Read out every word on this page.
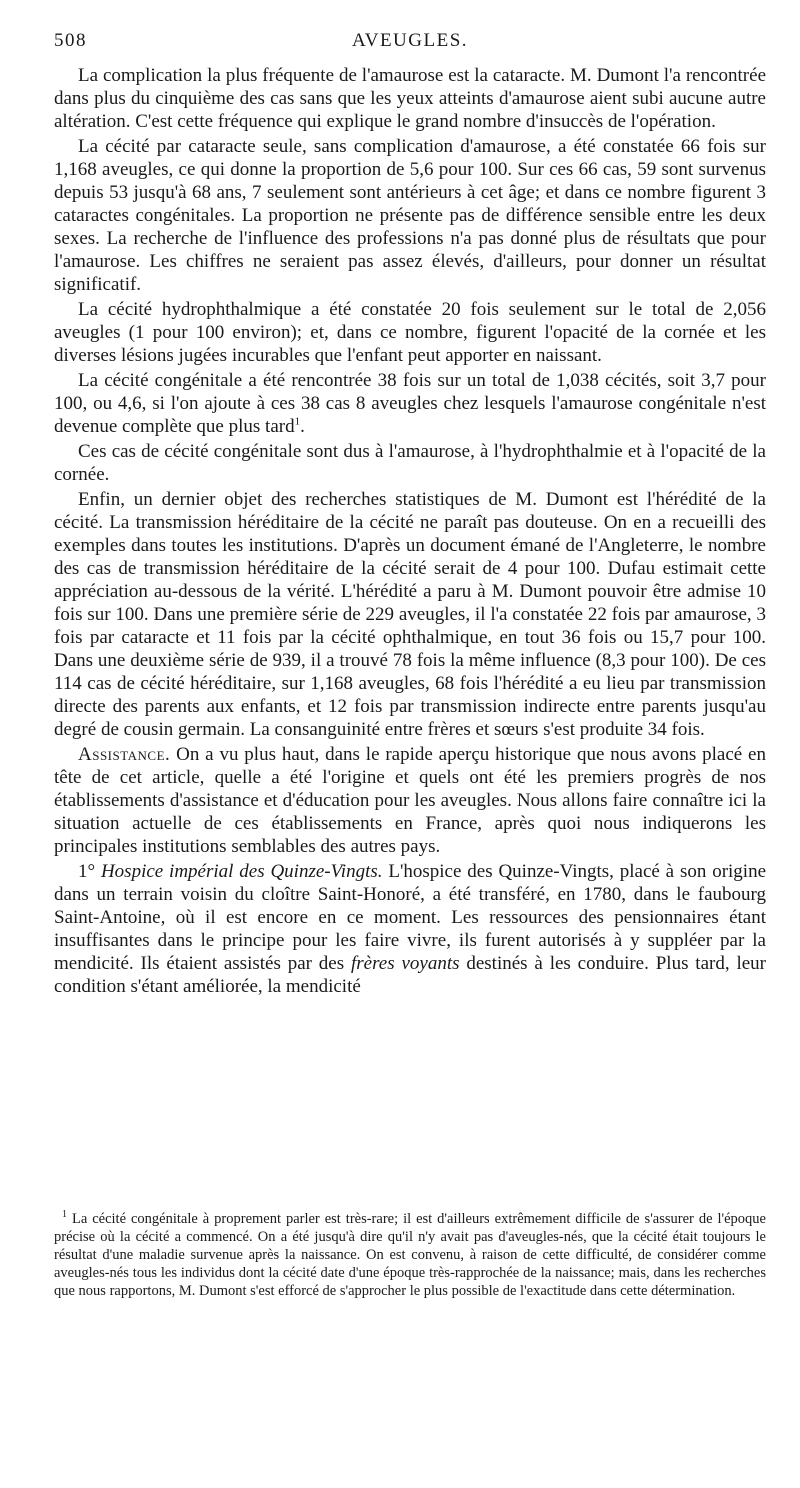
508	AVEUGLES.

La complication la plus fréquente de l'amaurose est la cataracte. M. Dumont l'a rencontrée dans plus du cinquième des cas sans que les yeux atteints d'amaurose aient subi aucune autre altération. C'est cette fréquence qui explique le grand nombre d'insuccès de l'opération.

La cécité par cataracte seule, sans complication d'amaurose, a été constatée 66 fois sur 1,168 aveugles, ce qui donne la proportion de 5,6 pour 100. Sur ces 66 cas, 59 sont survenus depuis 53 jusqu'à 68 ans, 7 seulement sont antérieurs à cet âge; et dans ce nombre figurent 3 cataractes congénitales. La proportion ne présente pas de différence sensible entre les deux sexes. La recherche de l'influence des professions n'a pas donné plus de résultats que pour l'amaurose. Les chiffres ne seraient pas assez élevés, d'ailleurs, pour donner un résultat significatif.

La cécité hydrophthalmique a été constatée 20 fois seulement sur le total de 2,056 aveugles (1 pour 100 environ); et, dans ce nombre, figurent l'opacité de la cornée et les diverses lésions jugées incurables que l'enfant peut apporter en naissant.

La cécité congénitale a été rencontrée 38 fois sur un total de 1,038 cécités, soit 3,7 pour 100, ou 4,6, si l'on ajoute à ces 38 cas 8 aveugles chez lesquels l'amaurose congénitale n'est devenue complète que plus tard$^1$.

Ces cas de cécité congénitale sont dus à l'amaurose, à l'hydrophthalmie et à l'opacité de la cornée.

Enfin, un dernier objet des recherches statistiques de M. Dumont est l'hérédité de la cécité. La transmission héréditaire de la cécité ne paraît pas douteuse. On en a recueilli des exemples dans toutes les institutions. D'après un document émané de l'Angleterre, le nombre des cas de transmission héréditaire de la cécité serait de 4 pour 100. Dufau estimait cette appréciation au-dessous de la vérité. L'hérédité a paru à M. Dumont pouvoir être admise 10 fois sur 100. Dans une première série de 229 aveugles, il l'a constatée 22 fois par amaurose, 3 fois par cataracte et 11 fois par la cécité ophthalmique, en tout 36 fois ou 15,7 pour 100. Dans une deuxième série de 939, il a trouvé 78 fois la même influence (8,3 pour 100). De ces 114 cas de cécité héréditaire, sur 1,168 aveugles, 68 fois l'hérédité a eu lieu par transmission directe des parents aux enfants, et 12 fois par transmission indirecte entre parents jusqu'au degré de cousin germain. La consanguinité entre frères et sœurs s'est produite 34 fois.

Assistance. On a vu plus haut, dans le rapide aperçu historique que nous avons placé en tête de cet article, quelle a été l'origine et quels ont été les premiers progrès de nos établissements d'assistance et d'éducation pour les aveugles. Nous allons faire connaître ici la situation actuelle de ces établissements en France, après quoi nous indiquerons les principales institutions semblables des autres pays.

1° Hospice impérial des Quinze-Vingts. L'hospice des Quinze-Vingts, placé à son origine dans un terrain voisin du cloître Saint-Honoré, a été transféré, en 1780, dans le faubourg Saint-Antoine, où il est encore en ce moment. Les ressources des pensionnaires étant insuffisantes dans le principe pour les faire vivre, ils furent autorisés à y suppléer par la mendicité. Ils étaient assistés par des frères voyants destinés à les conduire. Plus tard, leur condition s'étant améliorée, la mendicité

$^1$ La cécité congénitale à proprement parler est très-rare; il est d'ailleurs extrêmement difficile de s'assurer de l'époque précise où la cécité a commencé. On a été jusqu'à dire qu'il n'y avait pas d'aveugles-nés, que la cécité était toujours le résultat d'une maladie survenue après la naissance. On est convenu, à raison de cette difficulté, de considérer comme aveugles-nés tous les individus dont la cécité date d'une époque très-rapprochée de la naissance; mais, dans les recherches que nous rapportons, M. Dumont s'est efforcé de s'approcher le plus possible de l'exactitude dans cette détermination.
